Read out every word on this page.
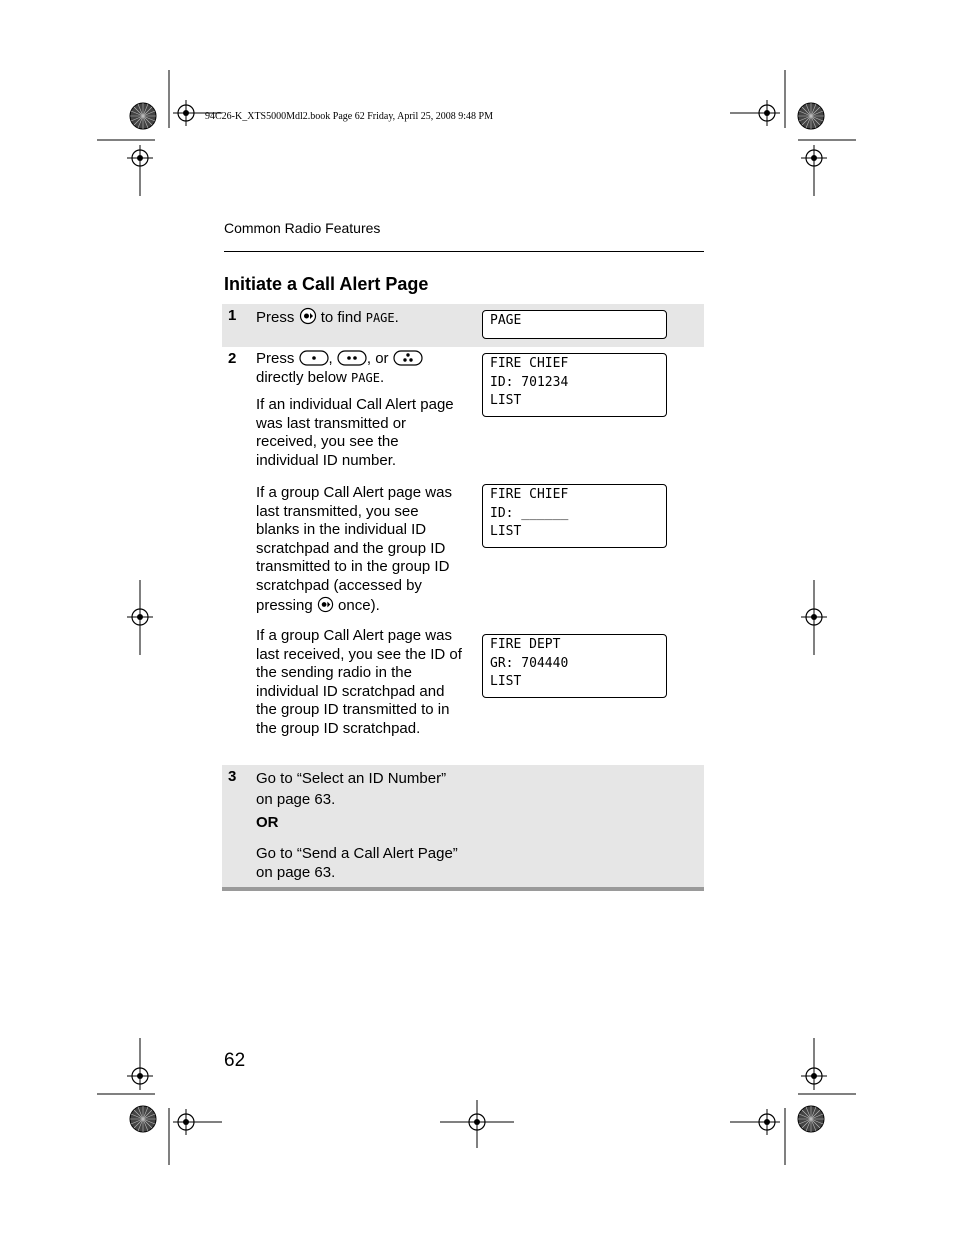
94C26-K_XTS5000Mdl2.book Page 62 Friday, April 25, 2008 9:48 PM
Common Radio Features
Initiate a Call Alert Page
1 Press to find PAGE.	PAGE
2 Press , , or
directly below PAGE.
If an individual Call Alert page was last transmitted or received, you see the individual ID number.
FIRE CHIEF
ID: 701234
LIST
If a group Call Alert page was last transmitted, you see blanks in the individual ID scratchpad and the group ID transmitted to in the group ID scratchpad (accessed by pressing once).
FIRE CHIEF
ID: ______
LIST
If a group Call Alert page was last received, you see the ID of the sending radio in the individual ID scratchpad and the group ID transmitted to in the group ID scratchpad.
FIRE DEPT
GR: 704440
LIST
3 Go to “Select an ID Number” on page 63.
OR
Go to “Send a Call Alert Page” on page 63.
62
